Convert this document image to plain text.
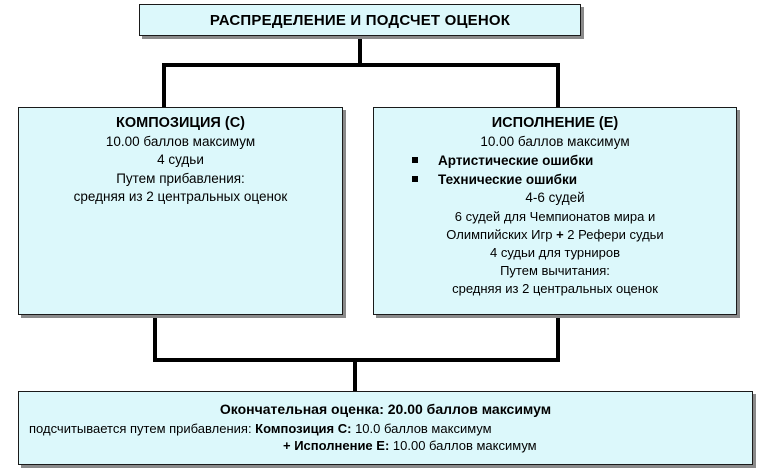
РАСПРЕДЕЛЕНИЕ И ПОДСЧЕТ ОЦЕНОК
КОМПОЗИЦИЯ (С)
10.00 баллов максимум
4 судьи
Путем прибавления:
средняя из 2 центральных оценок
ИСПОЛНЕНИЕ (Е)
10.00 баллов максимум
Артистические ошибки
Технические ошибки
4-6 судей
6 судей для Чемпионатов мира и
Олимпийских Игр + 2 Рефери судьи
4 судьи для турниров
Путем вычитания:
средняя из 2 центральных оценок
Окончательная оценка: 20.00 баллов максимум
подсчитывается путем прибавления: Композиция С: 10.0 баллов максимум
+ Исполнение Е: 10.00 баллов максимум
